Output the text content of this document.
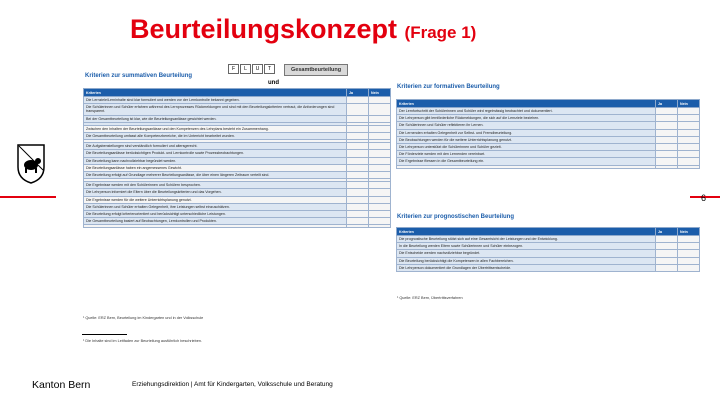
Beurteilungskonzept (Frage 1)
6
Kriterien zur summativen Beurteilung
F	L	U	T
und
Gesamtbeurteilung
Kriterien	Ja	Nein
Die Lernziele/Lerninhalte sind klar formuliert und werden vor der Lernkontrolle bekannt gegeben.		
Die Schülerinnen und Schüler erfahren während des Lernprozesses Rückmeldungen und sind mit den Beurteilungskriterien vertraut, die Anforderungen sind transparent.		
Bei der Gesamtbeurteilung ist klar, wie die Beurteilungsanlässe gewichtet werden.		

Zwischen den Inhalten der Beurteilungsanlässe und den Kompetenzen des Lehrplans besteht ein Zusammenhang.		
Die Gesamtbeurteilung umfasst alle Kompetenzbereiche, die im Unterricht bearbeitet wurden.		

Die Aufgabenstellungen sind verständlich formuliert und altersgerecht.		
Die Beurteilungsanlässe berücksichtigen Produkt- und Lernkontrolle sowie Prozessbeobachtungen.		
Die Beurteilung kann nachvollziehbar begründet werden.		
Die Beurteilungsanlässe haben ein angemessenes Gewicht.		
Die Beurteilung erfolgt auf Grundlage mehrerer Beurteilungsanlässe, die über einen längeren Zeitraum verteilt sind.		

Die Ergebnisse werden mit den Schülerinnen und Schülern besprochen.		
Die Lehrperson informiert die Eltern über die Beurteilungskriterien und das Vorgehen.		
Die Ergebnisse werden für die weitere Unterrichtsplanung genutzt.		
Die Schülerinnen und Schüler erhalten Gelegenheit, ihre Leistungen selbst einzuschätzen.		
Die Beurteilung erfolgt kriterienorientiert und berücksichtigt unterschiedliche Leistungen.		
Die Gesamtbeurteilung basiert auf Beobachtungen, Lernkontrollen und Produkten.		

Kriterien zur formativen Beurteilung
Kriterien	Ja	Nein
Der Lernfortschritt der Schülerinnen und Schüler wird regelmässig beobachtet und dokumentiert.		
Die Lehrperson gibt lernförderliche Rückmeldungen, die sich auf die Lernziele beziehen.		
Die Schülerinnen und Schüler reflektieren ihr Lernen.		
Die Lernenden erhalten Gelegenheit zur Selbst- und Fremdbeurteilung.		
Die Beobachtungen werden für die weitere Unterrichtsplanung genutzt.		
Die Lehrperson unterstützt die Schülerinnen und Schüler gezielt.		
Die Förderziele werden mit den Lernenden vereinbart.		
Die Ergebnisse fliessen in die Gesamtbeurteilung ein.		

Kriterien zur prognostischen Beurteilung
Kriterien	Ja	Nein
Die prognostische Beurteilung stützt sich auf eine Gesamtsicht der Leistungen und der Entwicklung.		
In die Beurteilung werden Eltern sowie Schülerinnen und Schüler einbezogen.		
Die Entscheide werden nachvollziehbar begründet.		
Die Beurteilung berücksichtigt die Kompetenzen in allen Fachbereichen.		
Die Lehrperson dokumentiert die Grundlagen der Übertrittsentscheide.		
¹ Quelle: ERZ Bern, Beurteilung im Kindergarten und in der Volksschule
¹ Quelle: ERZ Bern, Übertrittsverfahren
¹ Die Inhalte sind im Leitfaden zur Beurteilung ausführlich beschrieben.
Kanton Bern	Erziehungsdirektion | Amt für Kindergarten, Volksschule und Beratung
